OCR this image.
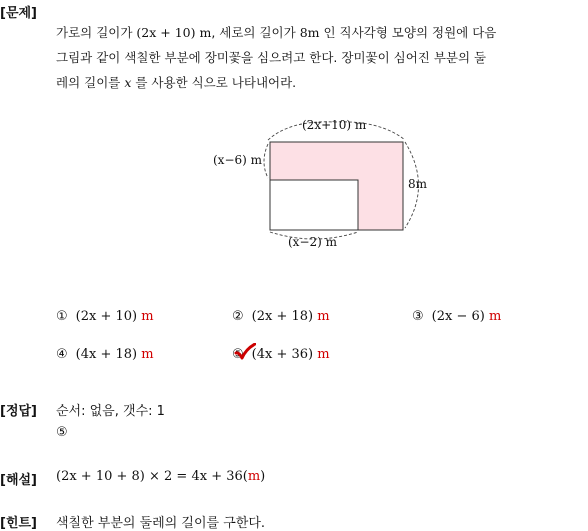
[문제]
가로의 길이가 (2x + 10) m, 세로의 길이가 8m 인 직사각형 모양의 정원에 다음
그림과 같이 색칠한 부분에 장미꽃을 심으려고 한다. 장미꽃이 심어진 부분의 둘
레의 길이를 x 를 사용한 식으로 나타내어라.
(2x+10) m
(x−6) m
8m
(x−2) m
① (2x + 10) m	② (2x + 18) m	③ (2x − 6) m
④ (4x + 18) m	⑤ (4x + 36) m
[정답] 순서: 없음, 갯수: 1
⑤
[해설] (2x + 10 + 8) × 2 = 4x + 36(m)
[힌트] 색칠한 부분의 둘레의 길이를 구한다.
